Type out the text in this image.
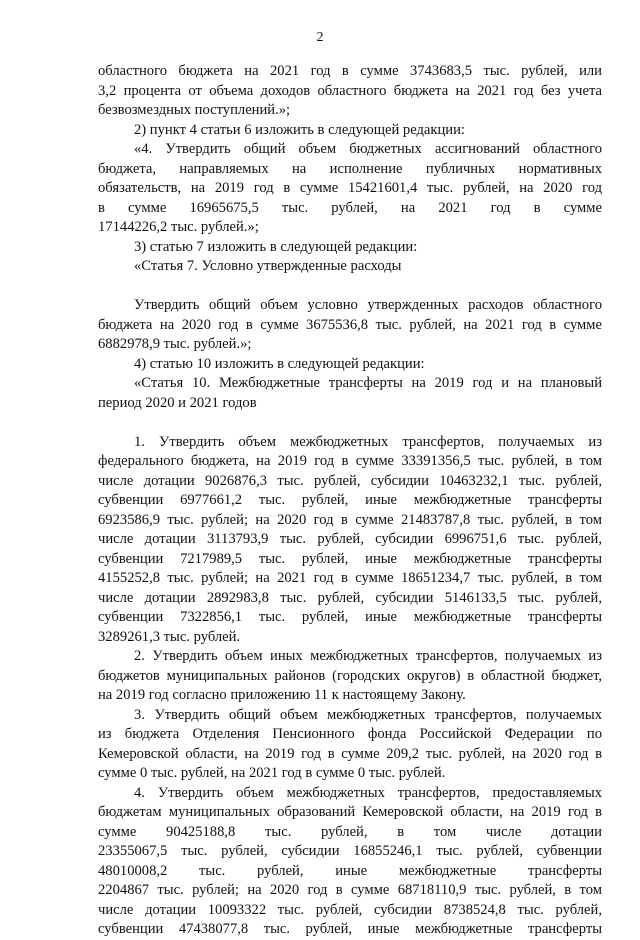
2
областного бюджета на 2021 год в сумме 3743683,5 тыс. рублей, или
3,2 процента от объема доходов областного бюджета на 2021 год без учета
безвозмездных поступлений.»;
2) пункт 4 статьи 6 изложить в следующей редакции:
«4. Утвердить общий объем бюджетных ассигнований областного
бюджета, направляемых на исполнение публичных нормативных
обязательств, на 2019 год в сумме 15421601,4 тыс. рублей, на 2020 год
в сумме 16965675,5 тыс. рублей, на 2021 год в сумме
17144226,2 тыс. рублей.»;
3) статью 7 изложить в следующей редакции:
«Статья 7. Условно утвержденные расходы
Утвердить общий объем условно утвержденных расходов областного
бюджета на 2020 год в сумме 3675536,8 тыс. рублей, на 2021 год в сумме
6882978,9 тыс. рублей.»;
4) статью 10 изложить в следующей редакции:
«Статья 10. Межбюджетные трансферты на 2019 год и на плановый
период 2020 и 2021 годов
1. Утвердить объем межбюджетных трансфертов, получаемых из
федерального бюджета, на 2019 год в сумме 33391356,5 тыс. рублей, в том
числе дотации 9026876,3 тыс. рублей, субсидии 10463232,1 тыс. рублей,
субвенции 6977661,2 тыс. рублей, иные межбюджетные трансферты
6923586,9 тыс. рублей; на 2020 год в сумме 21483787,8 тыс. рублей, в том
числе дотации 3113793,9 тыс. рублей, субсидии 6996751,6 тыс. рублей,
субвенции 7217989,5 тыс. рублей, иные межбюджетные трансферты
4155252,8 тыс. рублей; на 2021 год в сумме 18651234,7 тыс. рублей, в том
числе дотации 2892983,8 тыс. рублей, субсидии 5146133,5 тыс. рублей,
субвенции 7322856,1 тыс. рублей, иные межбюджетные трансферты
3289261,3 тыс. рублей.
2. Утвердить объем иных межбюджетных трансфертов, получаемых из
бюджетов муниципальных районов (городских округов) в областной бюджет,
на 2019 год согласно приложению 11 к настоящему Закону.
3. Утвердить общий объем межбюджетных трансфертов, получаемых
из бюджета Отделения Пенсионного фонда Российской Федерации по
Кемеровской области, на 2019 год в сумме 209,2 тыс. рублей, на 2020 год в
сумме 0 тыс. рублей, на 2021 год в сумме 0 тыс. рублей.
4. Утвердить объем межбюджетных трансфертов, предоставляемых
бюджетам муниципальных образований Кемеровской области, на 2019 год в
сумме 90425188,8 тыс. рублей, в том числе дотации
23355067,5 тыс. рублей, субсидии 16855246,1 тыс. рублей, субвенции
48010008,2 тыс. рублей, иные межбюджетные трансферты
2204867 тыс. рублей; на 2020 год в сумме 68718110,9 тыс. рублей, в том
числе дотации 10093322 тыс. рублей, субсидии 8738524,8 тыс. рублей,
субвенции 47438077,8 тыс. рублей, иные межбюджетные трансферты
